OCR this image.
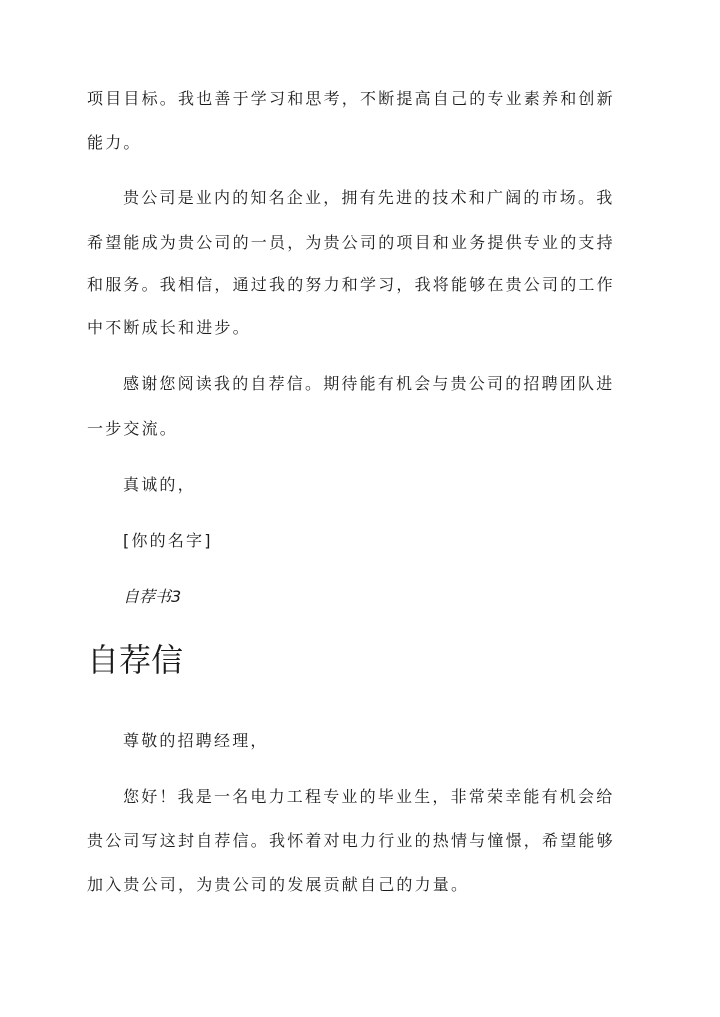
项目目标。我也善于学习和思考，不断提高自己的专业素养和创新
能力。
贵公司是业内的知名企业，拥有先进的技术和广阔的市场。我
希望能成为贵公司的一员，为贵公司的项目和业务提供专业的支持
和服务。我相信，通过我的努力和学习，我将能够在贵公司的工作
中不断成长和进步。
感谢您阅读我的自荐信。期待能有机会与贵公司的招聘团队进
一步交流。
真诚的，
[你的名字]
自荐书3
自荐信
尊敬的招聘经理，
您好！我是一名电力工程专业的毕业生，非常荣幸能有机会给
贵公司写这封自荐信。我怀着对电力行业的热情与憧憬，希望能够
加入贵公司，为贵公司的发展贡献自己的力量。
